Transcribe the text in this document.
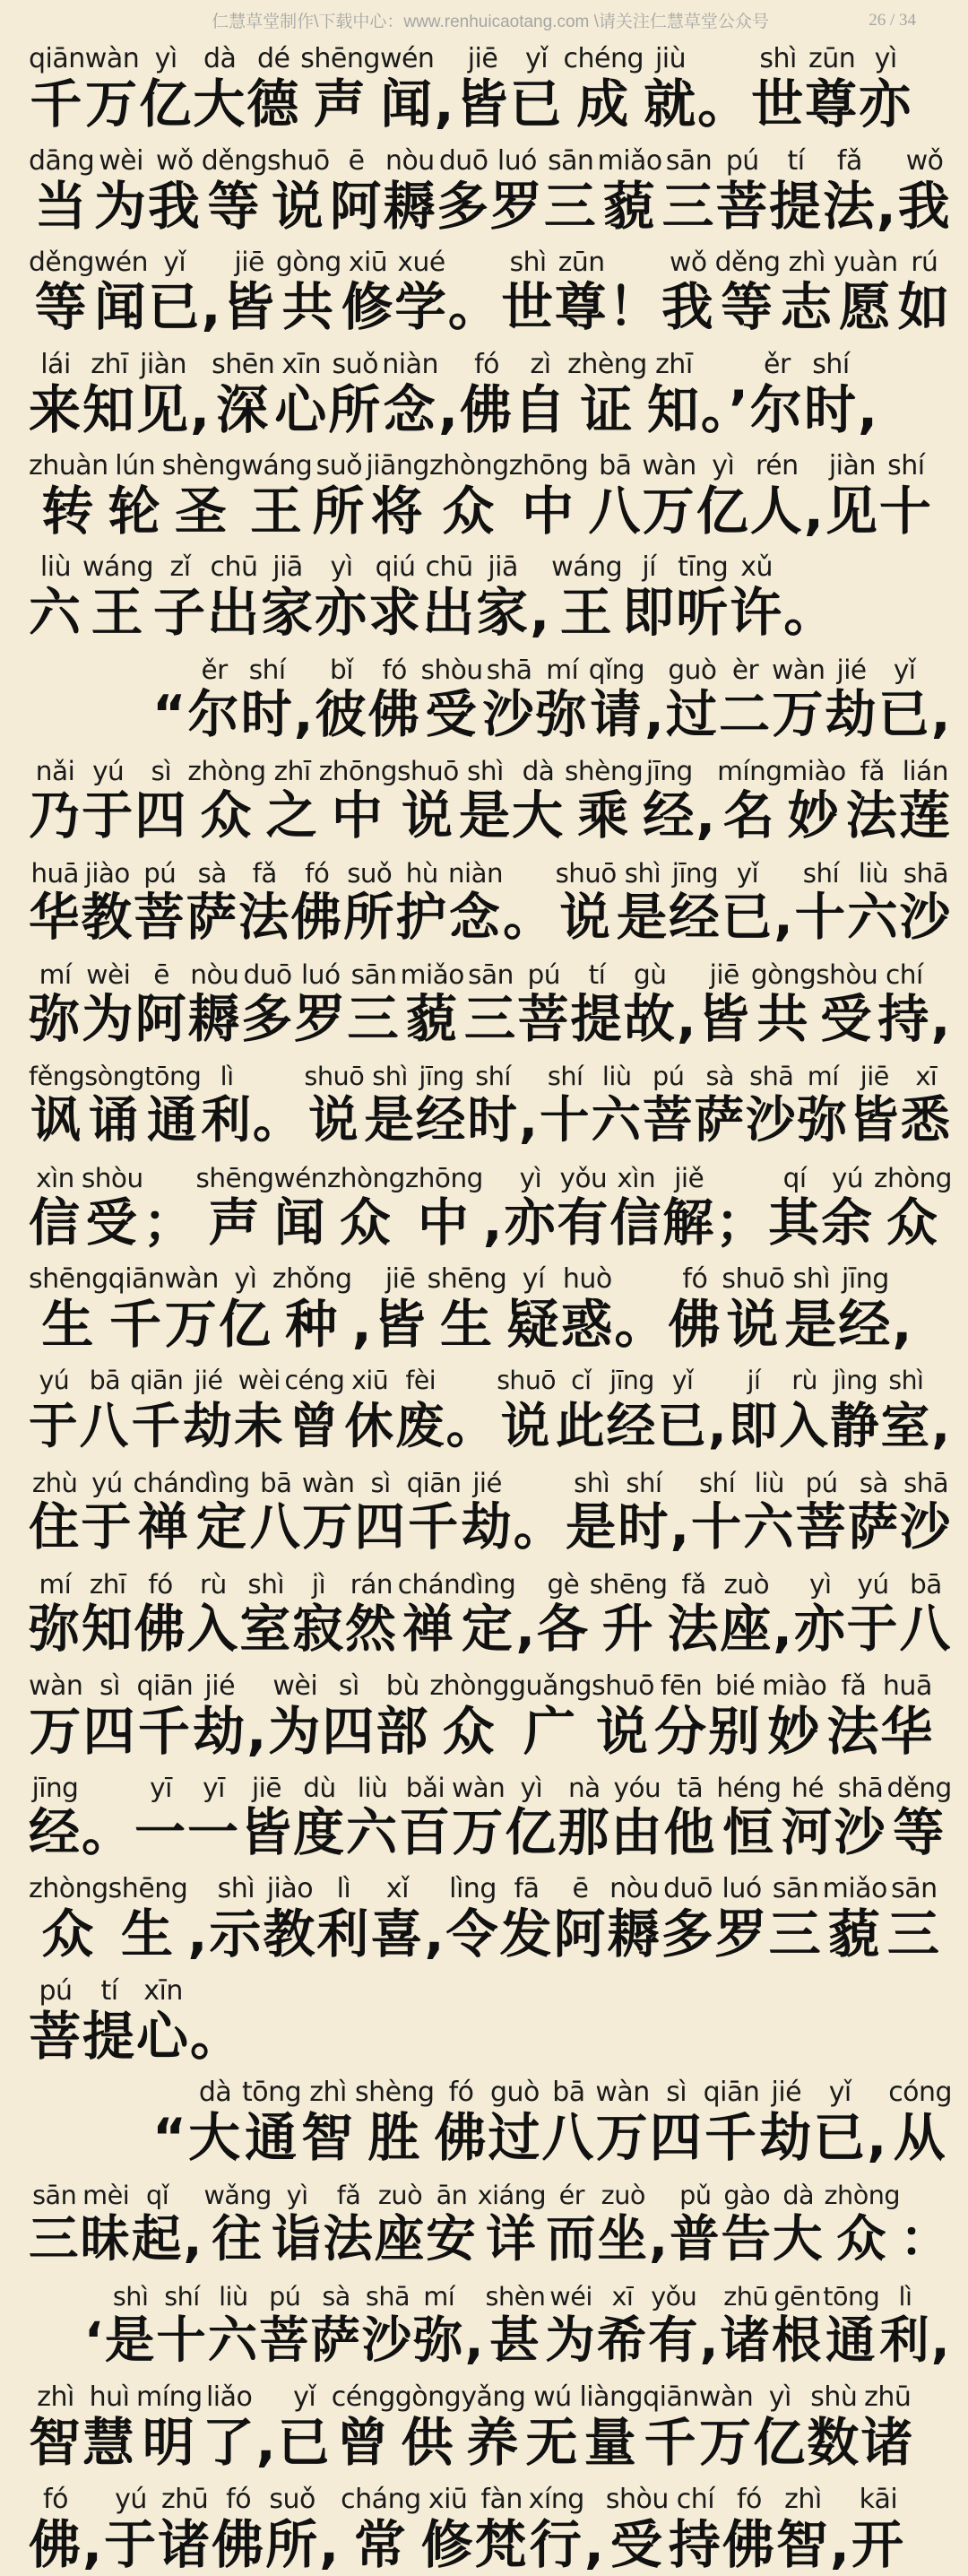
仁慧草堂制作\下载中心：www.renhuicaotang.com \请关注仁慧草堂公众号	26 / 34
qiān
千
wàn
万
yì
亿
dà
大
dé
德
shēng
声
wén
闻 ,
jiē
皆
yǐ
已
chéng
成
jiù
就 。
shì
世
zūn
尊
yì
亦
dāng
当
wèi
为
wǒ
我
děng
等
shuō
说
ē
阿
nòu
耨
duō
多
luó
罗
sān
三
miǎo
藐
sān
三
pú
菩
tí
提
fǎ
法 ,
wǒ
我
děng
等
wén
闻
yǐ
已 ,
jiē
皆
gòng
共
xiū
修
xué
学 。
shì
世
zūn
尊 ！
wǒ
我
děng
等
zhì
志
yuàn
愿
rú
如
lái
来
zhī
知
jiàn
见 ,
shēn
深
xīn
心
suǒ
所
niàn
念 ,
fó
佛
zì
自
zhèng
证
zhī
知 。’
ěr
尔
shí
时 ,
zhuàn
转
lún
轮
shèng
圣
wáng
王
suǒ
所
jiāng
将
zhòng
众
zhōng
中
bā
八
wàn
万
yì
亿
rén
人 ,
jiàn
见
shí
十
liù
六
wáng
王
zǐ
子
chū
出
jiā
家
yì
亦
qiú
求
chū
出
jiā
家 ,
wáng
王
jí
即
tīng
听
xǔ
许 。
“
ěr
尔
shí
时 ,
bǐ
彼
fó
佛
shòu
受
shā
沙
mí
弥
qǐng
请 ,
guò
过
èr
二
wàn
万
jié
劫
yǐ
已 ,
nǎi
乃
yú
于
sì
四
zhòng
众
zhī
之
zhōng
中
shuō
说
shì
是
dà
大
shèng
乘
jīng
经 ,
míng
名
miào
妙
fǎ
法
lián
莲
huā
华
jiào
教
pú
菩
sà
萨
fǎ
法
fó
佛
suǒ
所
hù
护
niàn
念 。
shuō
说
shì
是
jīng
经
yǐ
已 ,
shí
十
liù
六
shā
沙
mí
弥
wèi
为
ē
阿
nòu
耨
duō
多
luó
罗
sān
三
miǎo
藐
sān
三
pú
菩
tí
提
gù
故 ,
jiē
皆
gòng
共
shòu
受
chí
持 ,
fěng
讽
sòng
诵
tōng
通
lì
利 。
shuō
说
shì
是
jīng
经
shí
时 ,
shí
十
liù
六
pú
菩
sà
萨
shā
沙
mí
弥
jiē
皆
xī
悉
xìn
信
shòu
受 ；
shēng
声
wén
闻
zhòng
众
zhōng
中 ,
yì
亦
yǒu
有
xìn
信
jiě
解 ；
qí
其
yú
余
zhòng
众
shēng
生
qiān
千
wàn
万
yì
亿
zhǒng
种 ,
jiē
皆
shēng
生
yí
疑
huò
惑 。
fó
佛
shuō
说
shì
是
jīng
经 ,
yú
于
bā
八
qiān
千
jié
劫
wèi
未
céng
曾
xiū
休
fèi
废 。
shuō
说
cǐ
此
jīng
经
yǐ
已 ,
jí
即
rù
入
jìng
静
shì
室 ,
zhù
住
yú
于
chán
禅
dìng
定
bā
八
wàn
万
sì
四
qiān
千
jié
劫 。
shì
是
shí
时 ,
shí
十
liù
六
pú
菩
sà
萨
shā
沙
mí
弥
zhī
知
fó
佛
rù
入
shì
室
jì
寂
rán
然
chán
禅
dìng
定 ,
gè
各
shēng
升
fǎ
法
zuò
座 ,
yì
亦
yú
于
bā
八
wàn
万
sì
四
qiān
千
jié
劫 ,
wèi
为
sì
四
bù
部
zhòng
众
guǎng
广
shuō
说
fēn
分
bié
别
miào
妙
fǎ
法
huā
华
jīng
经 。
yī
一
yī
一
jiē
皆
dù
度
liù
六
bǎi
百
wàn
万
yì
亿
nà
那
yóu
由
tā
他
héng
恒
hé
河
shā
沙
děng
等
zhòng
众
shēng
生 ,
shì
示
jiào
教
lì
利
xǐ
喜 ,
lìng
令
fā
发
ē
阿
nòu
耨
duō
多
luó
罗
sān
三
miǎo
藐
sān
三
pú
菩
tí
提
xīn
心 。
“
dà
大
tōng
通
zhì
智
shèng
胜
fó
佛
guò
过
bā
八
wàn
万
sì
四
qiān
千
jié
劫
yǐ
已 ,
cóng
从
sān
三
mèi
昧
qǐ
起 ,
wǎng
往
yì
诣
fǎ
法
zuò
座
ān
安
xiáng
详
ér
而
zuò
坐 ,
pǔ
普
gào
告
dà
大
zhòng
众 ：
‘
shì
是
shí
十
liù
六
pú
菩
sà
萨
shā
沙
mí
弥 ,
shèn
甚
wéi
为
xī
希
yǒu
有 ,
zhū
诸
gēn
根
tōng
通
lì
利 ,
zhì
智
huì
慧
míng
明
liǎo
了 ,
yǐ
已
céng
曾
gòng
供
yǎng
养
wú
无
liàng
量
qiān
千
wàn
万
yì
亿
shù
数
zhū
诸
fó
佛 ,
yú
于
zhū
诸
fó
佛
suǒ
所 ,
cháng
常
xiū
修
fàn
梵
xíng
行 ,
shòu
受
chí
持
fó
佛
zhì
智 ,
kāi
开
